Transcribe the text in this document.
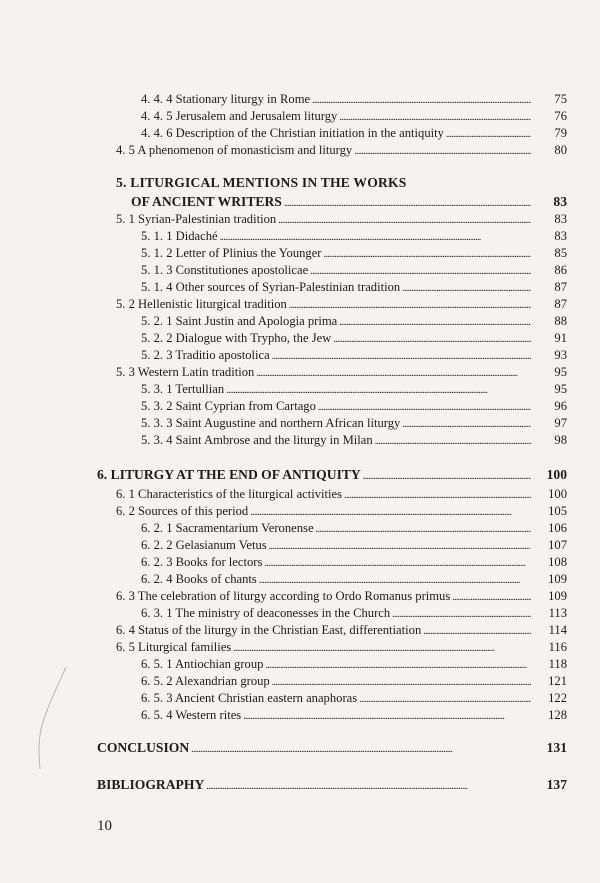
4. 4. 4 Stationary liturgy in Rome . . .	75
4. 4. 5 Jerusalem and Jerusalem liturgy . . .	76
4. 4. 6 Description of the Christian initiation in the antiquity . . .	79
4. 5 A phenomenon of monasticism and liturgy . . .	80
5. LITURGICAL MENTIONS IN THE WORKS
OF ANCIENT WRITERS . . .	83
5. 1 Syrian-Palestinian tradition . . .	83
5. 1. 1 Didaché . . .	83
5. 1. 2 Letter of Plinius the Younger . . .	85
5. 1. 3 Constitutiones apostolicae . . .	86
5. 1. 4 Other sources of Syrian-Palestinian tradition . . .	87
5. 2 Hellenistic liturgical tradition . . .	87
5. 2. 1 Saint Justin and Apologia prima . . .	88
5. 2. 2 Dialogue with Trypho, the Jew . . .	91
5. 2. 3 Traditio apostolica . . .	93
5. 3 Western Latin tradition . . .	95
5. 3. 1 Tertullian . . .	95
5. 3. 2 Saint Cyprian from Cartago . . .	96
5. 3. 3 Saint Augustine and northern African liturgy . . .	97
5. 3. 4 Saint Ambrose and the liturgy in Milan . . .	98
6. LITURGY AT THE END OF ANTIQUITY . . .	100
6. 1 Characteristics of the liturgical activities . . .	100
6. 2 Sources of this period . . .	105
6. 2. 1 Sacramentarium Veronense . . .	106
6. 2. 2 Gelasianum Vetus . . .	107
6. 2. 3 Books for lectors . . .	108
6. 2. 4 Books of chants . . .	109
6. 3 The celebration of liturgy according to Ordo Romanus primus . . .	109
6. 3. 1 The ministry of deaconesses in the Church . . .	113
6. 4 Status of the liturgy in the Christian East, differentiation . . .	114
6. 5 Liturgical families . . .	116
6. 5. 1 Antiochian group . . .	118
6. 5. 2 Alexandrian group . . .	121
6. 5. 3 Ancient Christian eastern anaphoras . . .	122
6. 5. 4 Western rites . . .	128
CONCLUSION . . .	131
BIBLIOGRAPHY . . .	137
10
